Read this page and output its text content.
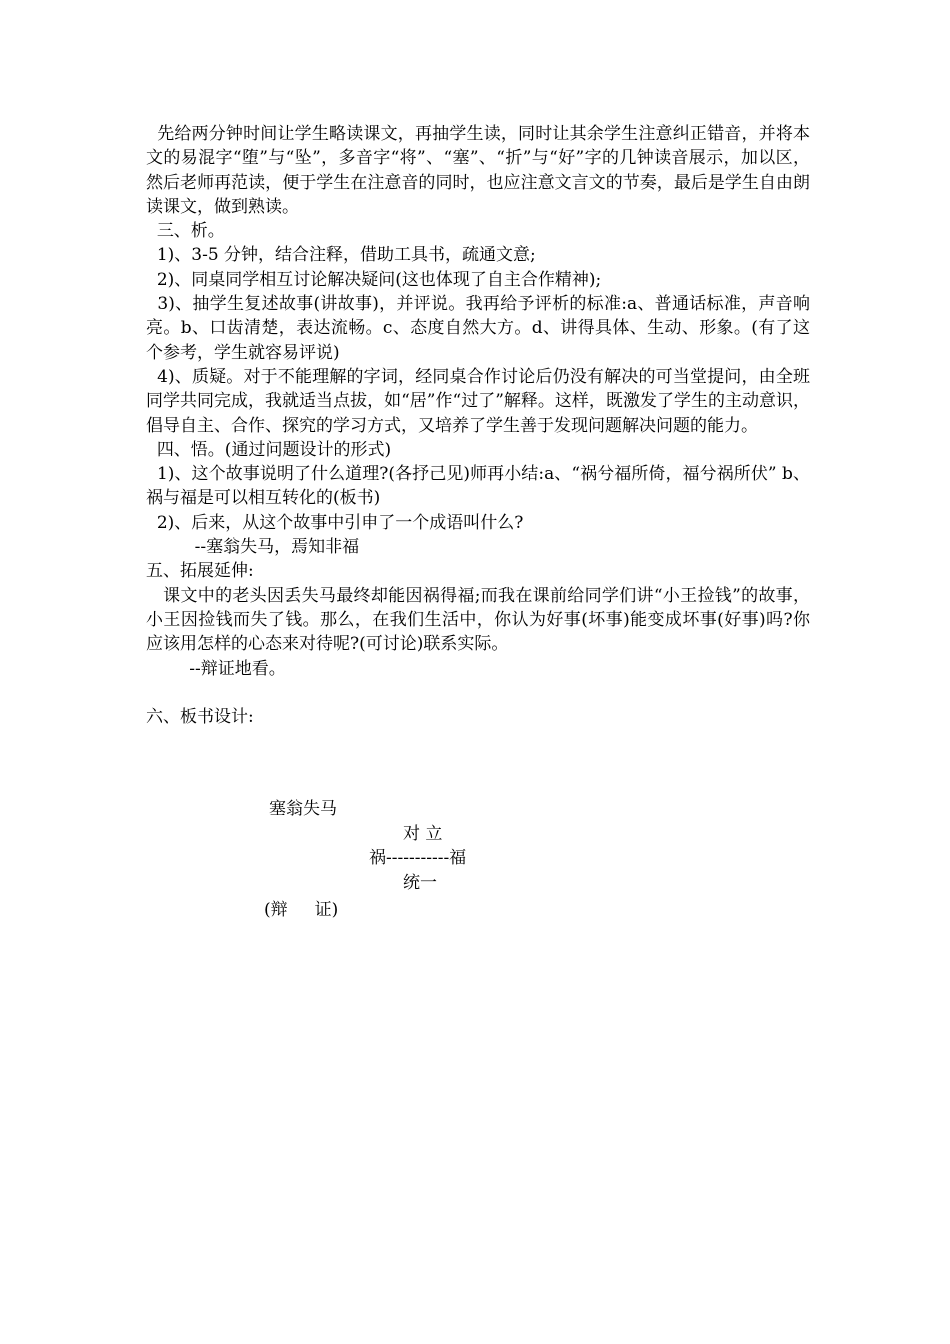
先给两分钟时间让学生略读课文，再抽学生读，同时让其余学生注意纠正错音，并将本文的易混字“堕”与“坠”，多音字“将”、“塞”、“折”与“好”字的几钟读音展示，加以区，然后老师再范读，便于学生在注意音的同时，也应注意文言文的节奏，最后是学生自由朗读课文，做到熟读。

三、析。

1)、3-5 分钟，结合注释，借助工具书，疏通文意;

2)、同桌同学相互讨论解决疑问(这也体现了自主合作精神);

3)、抽学生复述故事(讲故事)，并评说。我再给予评析的标准:a、普通话标准，声音响亮。b、口齿清楚，表达流畅。c、态度自然大方。d、讲得具体、生动、形象。(有了这个参考，学生就容易评说)

4)、质疑。对于不能理解的字词，经同桌合作讨论后仍没有解决的可当堂提问，由全班同学共同完成，我就适当点拔，如“居”作“过了”解释。这样，既激发了学生的主动意识，倡导自主、合作、探究的学习方式，又培养了学生善于发现问题解决问题的能力。

四、悟。(通过问题设计的形式)

1)、这个故事说明了什么道理?(各抒己见)师再小结:a、“祸兮福所倚，福兮祸所伏” b、祸与福是可以相互转化的(板书)

2)、后来，从这个故事中引申了一个成语叫什么?

--塞翁失马，焉知非福

五、拓展延伸:

课文中的老头因丢失马最终却能因祸得福;而我在课前给同学们讲“小王捡钱”的故事，小王因捡钱而失了钱。那么，在我们生活中，你认为好事(坏事)能变成坏事(好事)吗?你应该用怎样的心态来对待呢?(可讨论)联系实际。

--辩证地看。

六、板书设计:

塞翁失马
对 立
祸-----------福
统一
(辩     证)
